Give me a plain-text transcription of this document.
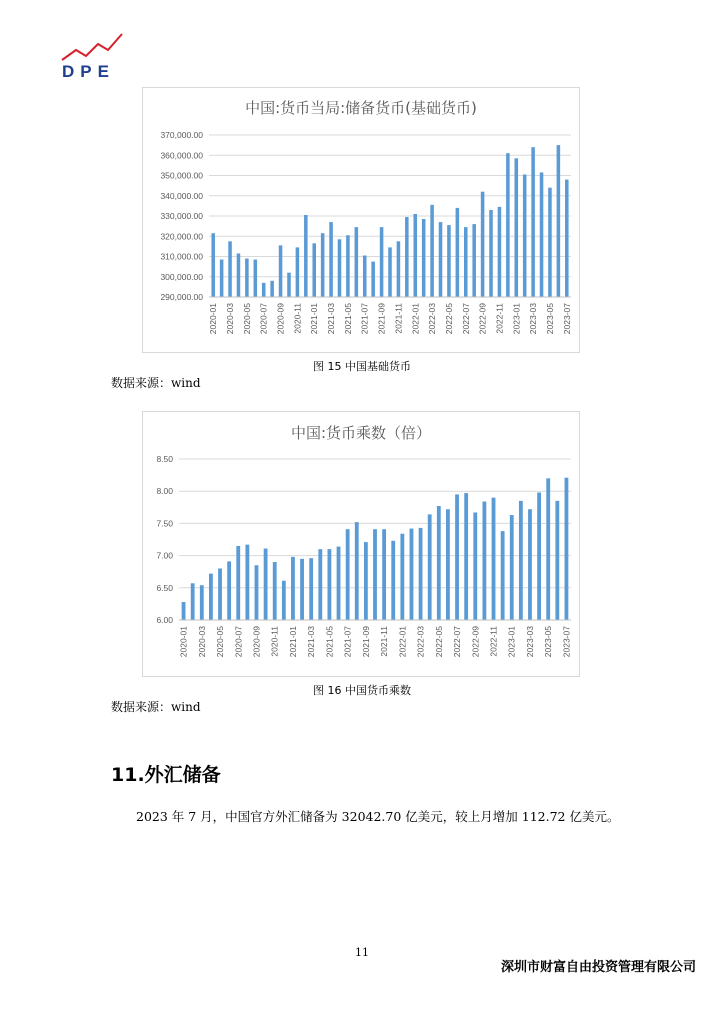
DPE
中国:货币当局:储备货币(基础货币)
290,000.00
300,000.00
310,000.00
320,000.00
330,000.00
340,000.00
350,000.00
360,000.00
370,000.00
2020-01 2020-03 2020-05 2020-07 2020-09 2020-11 2021-01 2021-03 2021-05 2021-07 2021-09 2021-11 2022-01 2022-03 2022-05 2022-07 2022-09 2022-11 2023-01 2023-03 2023-05 2023-07
图 15 中国基础货币
数据来源：wind
中国:货币乘数（倍）
6.00
6.50
7.00
7.50
8.00
8.50
2020-01 2020-03 2020-05 2020-07 2020-09 2020-11 2021-01 2021-03 2021-05 2021-07 2021-09 2021-11 2022-01 2022-03 2022-05 2022-07 2022-09 2022-11 2023-01 2023-03 2023-05 2023-07
图 16 中国货币乘数
数据来源：wind
11.外汇储备
2023 年 7 月，中国官方外汇储备为 32042.70 亿美元，较上月增加 112.72 亿美元。
11
深圳市财富自由投资管理有限公司
